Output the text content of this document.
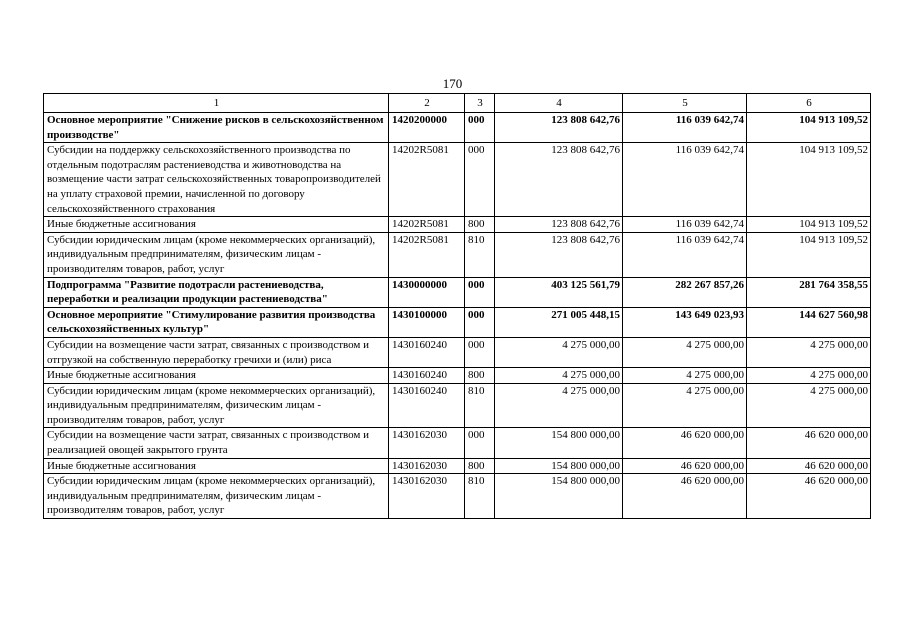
170
1	2	3	4	5	6
Основное мероприятие "Снижение рисков в сельскохозяйственном производстве"	1420200000	000	123 808 642,76	116 039 642,74	104 913 109,52
Субсидии на поддержку сельскохозяйственного производства по отдельным подотраслям растениеводства и животноводства на возмещение части затрат сельскохозяйственных товаропроизводителей на уплату страховой премии, начисленной по договору сельскохозяйственного страхования	14202R5081	000	123 808 642,76	116 039 642,74	104 913 109,52
Иные бюджетные ассигнования	14202R5081	800	123 808 642,76	116 039 642,74	104 913 109,52
Субсидии юридическим лицам (кроме некоммерческих организаций), индивидуальным предпринимателям, физическим лицам - производителям товаров, работ, услуг	14202R5081	810	123 808 642,76	116 039 642,74	104 913 109,52
Подпрограмма "Развитие подотрасли растениеводства, переработки и реализации продукции растениеводства"	1430000000	000	403 125 561,79	282 267 857,26	281 764 358,55
Основное мероприятие "Стимулирование развития производства сельскохозяйственных культур"	1430100000	000	271 005 448,15	143 649 023,93	144 627 560,98
Субсидии на возмещение части затрат, связанных с производством и отгрузкой на собственную переработку гречихи и (или) риса	1430160240	000	4 275 000,00	4 275 000,00	4 275 000,00
Иные бюджетные ассигнования	1430160240	800	4 275 000,00	4 275 000,00	4 275 000,00
Субсидии юридическим лицам (кроме некоммерческих организаций), индивидуальным предпринимателям, физическим лицам - производителям товаров, работ, услуг	1430160240	810	4 275 000,00	4 275 000,00	4 275 000,00
Субсидии на возмещение части затрат, связанных с производством и реализацией овощей закрытого грунта	1430162030	000	154 800 000,00	46 620 000,00	46 620 000,00
Иные бюджетные ассигнования	1430162030	800	154 800 000,00	46 620 000,00	46 620 000,00
Субсидии юридическим лицам (кроме некоммерческих организаций), индивидуальным предпринимателям, физическим лицам - производителям товаров, работ, услуг	1430162030	810	154 800 000,00	46 620 000,00	46 620 000,00
